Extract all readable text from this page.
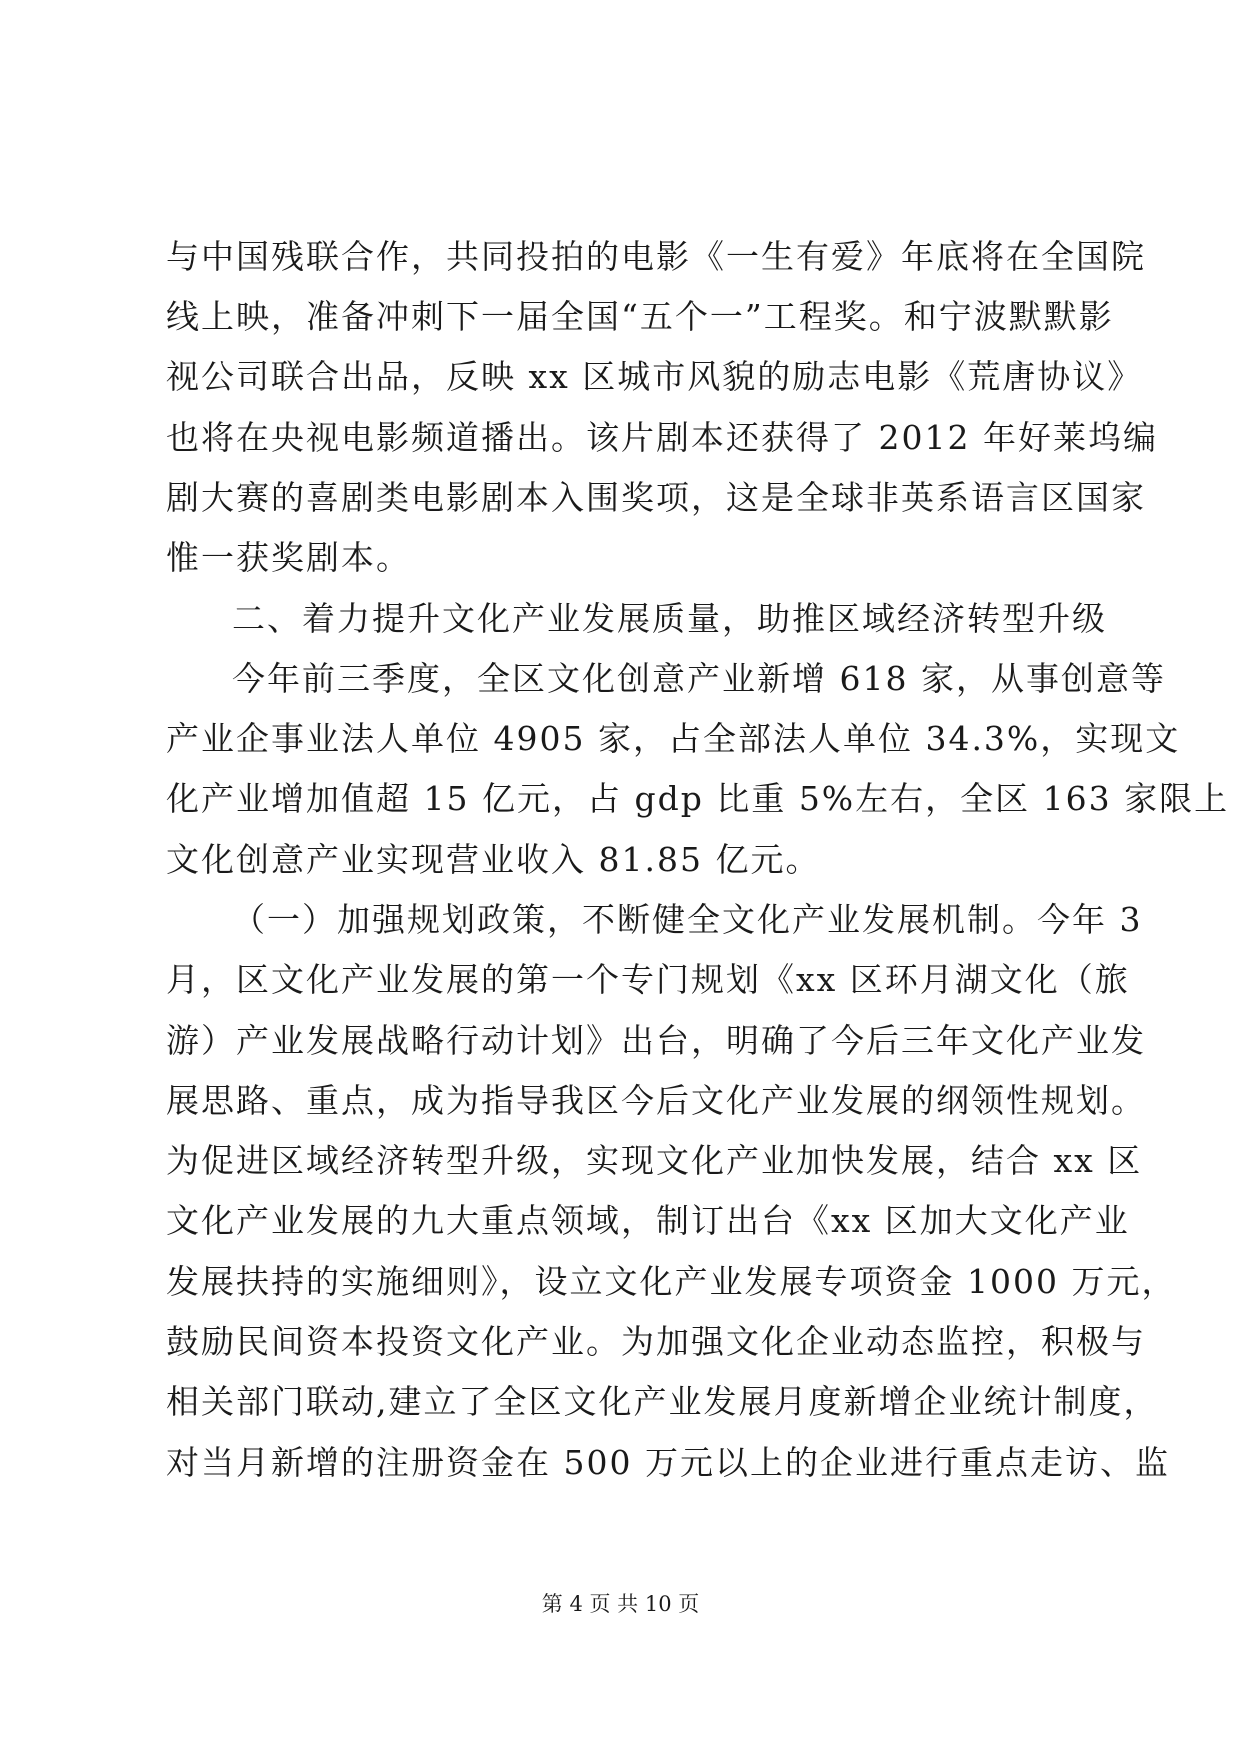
与中国残联合作，共同投拍的电影《一生有爱》年底将在全国院
线上映，准备冲刺下一届全国“五个一”工程奖。和宁波默默影
视公司联合出品，反映 xx 区城市风貌的励志电影《荒唐协议》
也将在央视电影频道播出。该片剧本还获得了 2012 年好莱坞编
剧大赛的喜剧类电影剧本入围奖项，这是全球非英系语言区国家
惟一获奖剧本。
二、着力提升文化产业发展质量，助推区域经济转型升级
今年前三季度，全区文化创意产业新增 618 家，从事创意等
产业企事业法人单位 4905 家，占全部法人单位 34.3%，实现文
化产业增加值超 15 亿元，占 gdp 比重 5%左右，全区 163 家限上
文化创意产业实现营业收入 81.85 亿元。
（一）加强规划政策，不断健全文化产业发展机制。今年 3
月，区文化产业发展的第一个专门规划《xx 区环月湖文化（旅
游）产业发展战略行动计划》出台，明确了今后三年文化产业发
展思路、重点，成为指导我区今后文化产业发展的纲领性规划。
为促进区域经济转型升级，实现文化产业加快发展，结合 xx 区
文化产业发展的九大重点领域，制订出台《xx 区加大文化产业
发展扶持的实施细则》，设立文化产业发展专项资金 1000 万元，
鼓励民间资本投资文化产业。为加强文化企业动态监控，积极与
相关部门联动,建立了全区文化产业发展月度新增企业统计制度，
对当月新增的注册资金在 500 万元以上的企业进行重点走访、监
第 4 页 共 10 页
